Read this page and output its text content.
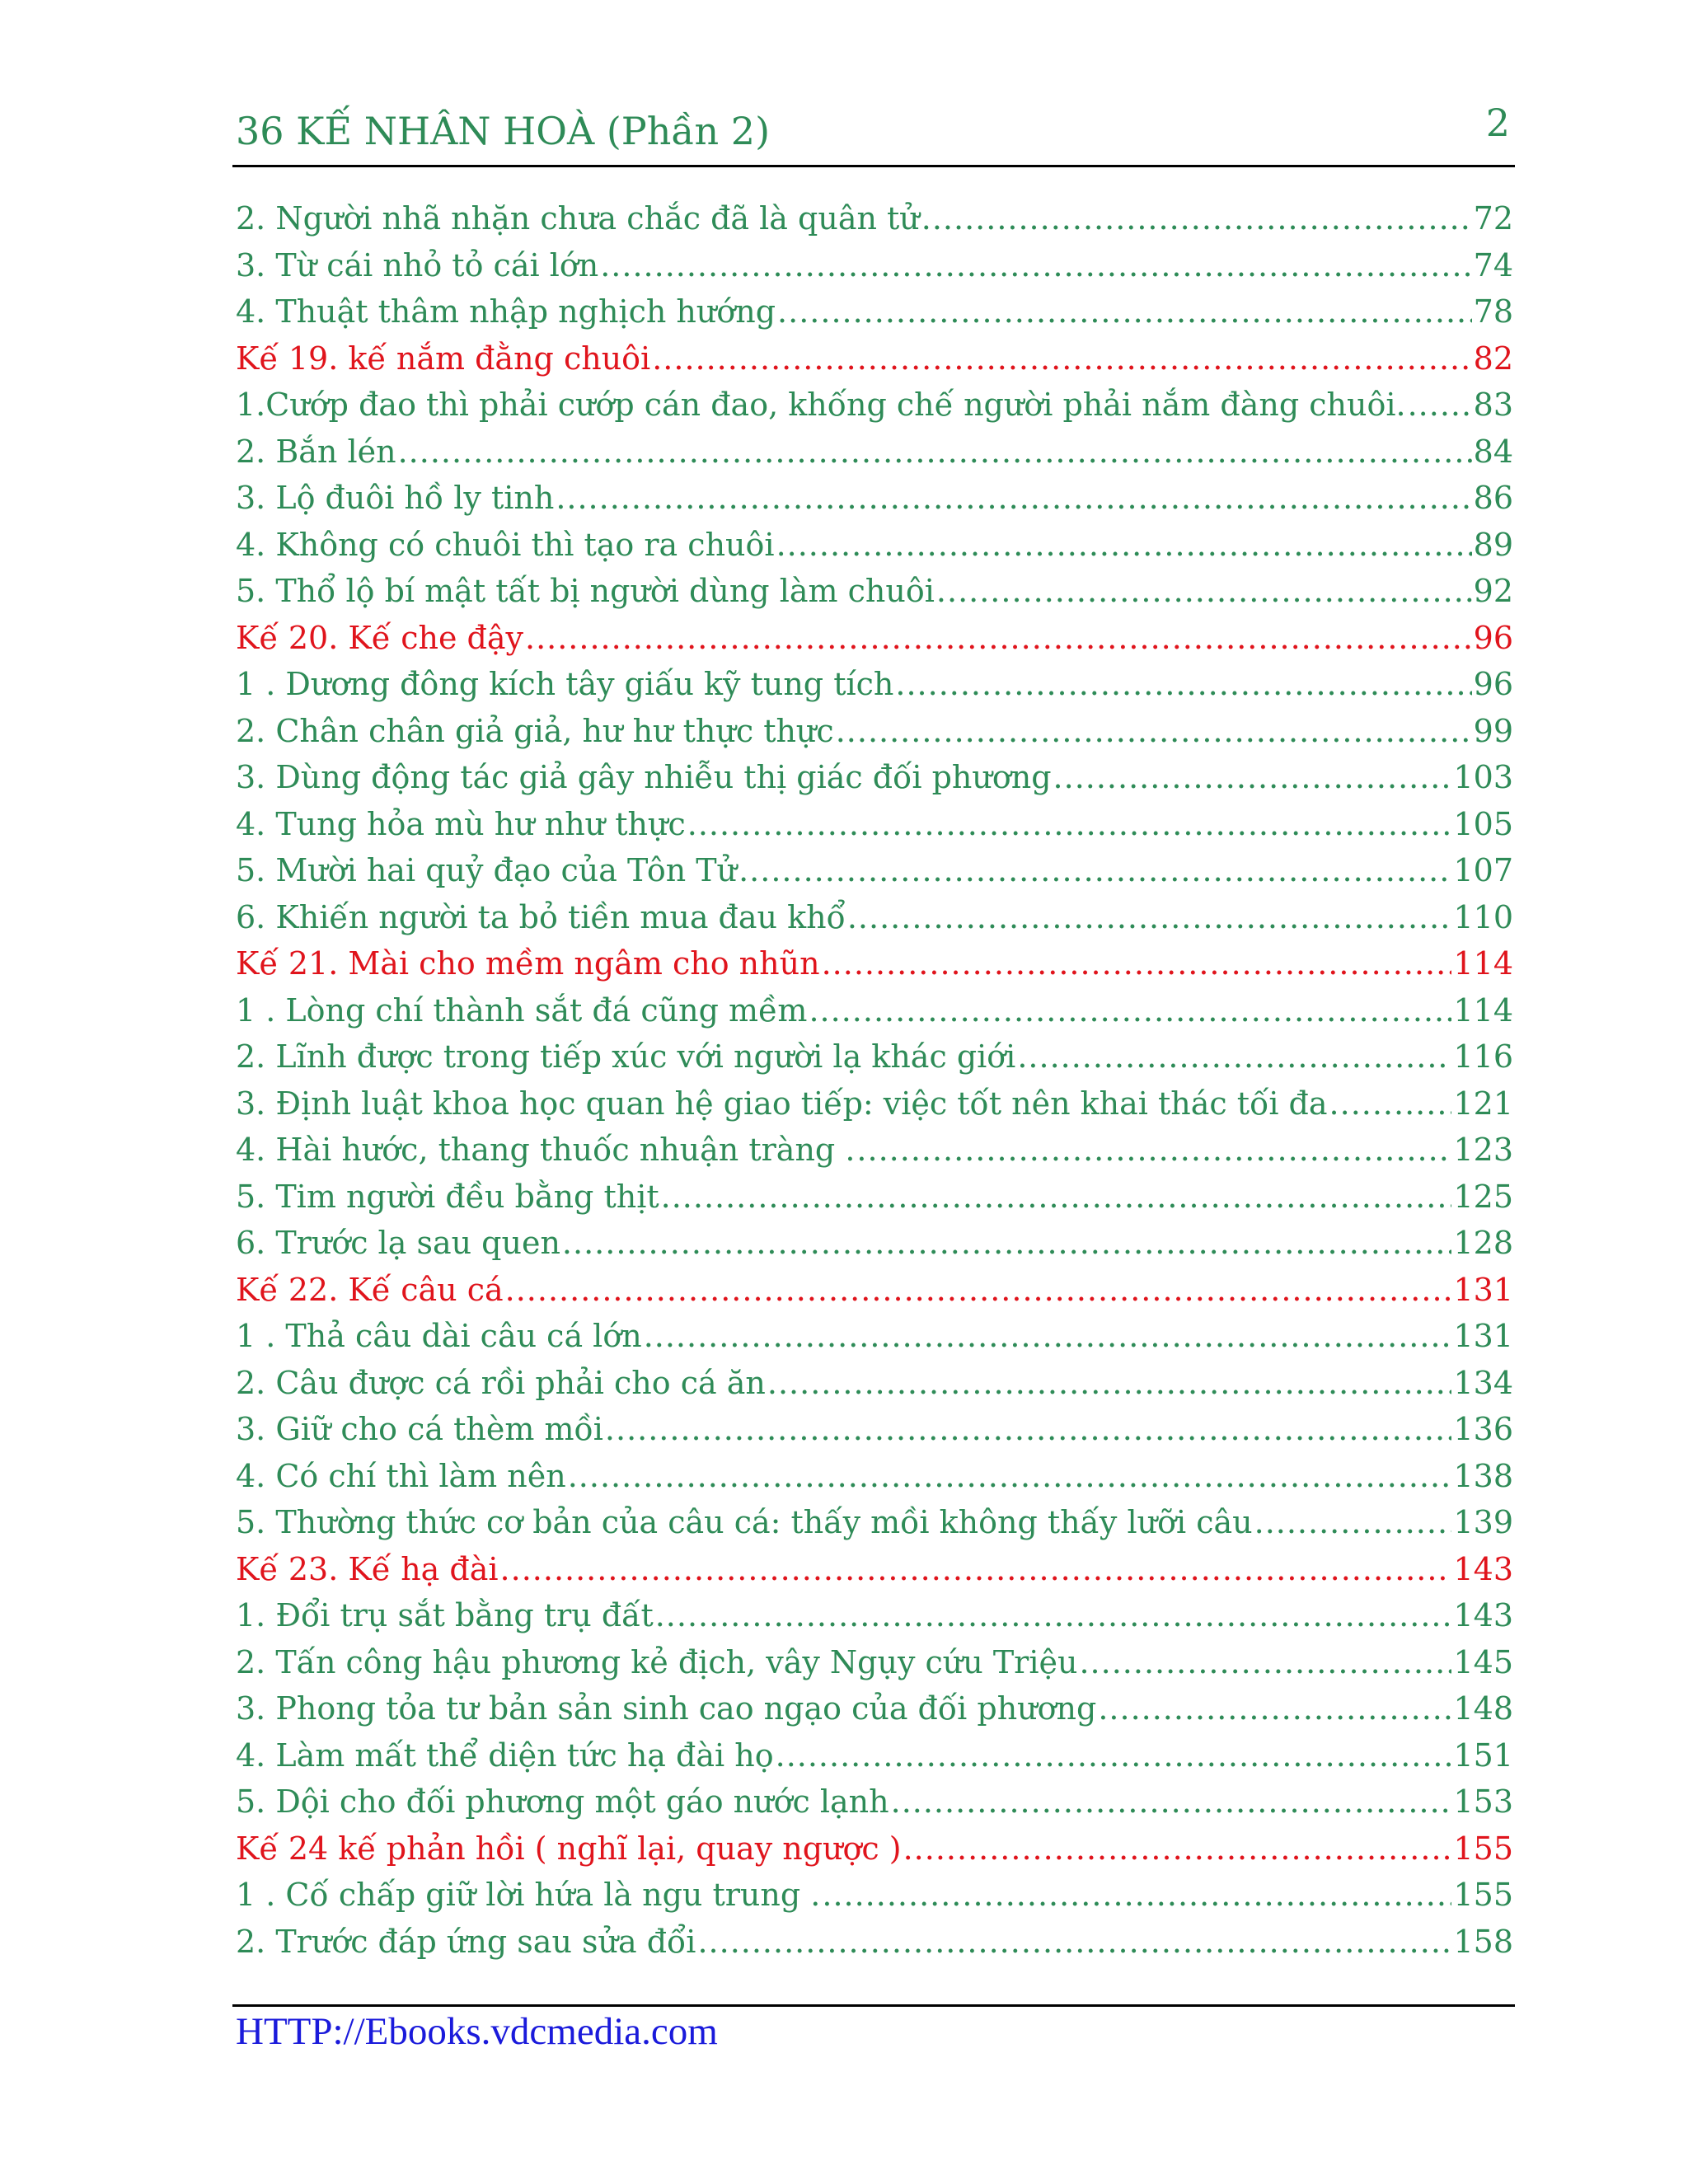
36 KẾ NHÂN HOÀ (Phần 2)	2
2. Người nhã nhặn chưa chắc đã là quân tử .....	72
3. Từ cái nhỏ tỏ cái lớn .....	74
4. Thuật thâm nhập nghịch hướng .....	78
Kế 19. kế nắm đằng chuôi .....	82
1.Cướp đao thì phải cướp cán đao, khống chế người phải nắm đàng chuôi. ..... 83
2. Bắn lén .....	84
3. Lộ đuôi hồ ly tinh .....	86
4. Không có chuôi thì tạo ra chuôi .....	89
5. Thổ lộ bí mật tất bị người dùng làm chuôi .....	92
Kế 20. Kế che đậy .....	96
1 . Dương đông kích tây giấu kỹ tung tích .....	96
2. Chân chân giả giả, hư hư thực thực .....	99
3. Dùng động tác giả gây nhiễu thị giác đối phương .....	103
4. Tung hỏa mù hư như thực .....	105
5. Mười hai quỷ đạo của Tôn Tử .....	107
6. Khiến người ta bỏ tiền mua đau khổ .....	110
Kế 21. Mài cho mềm ngâm cho nhũn .....	114
1 . Lòng chí thành sắt đá cũng mềm .....	114
2. Lĩnh được trong tiếp xúc với người lạ khác giới .....	116
3. Định luật khoa học quan hệ giao tiếp: việc tốt nên khai thác tối đa .....	121
4. Hài hước, thang thuốc nhuận tràng . .....	123
5. Tim người đều bằng thịt .....	125
6. Trước lạ sau quen .....	128
Kế 22. Kế câu cá .....	131
1 . Thả câu dài câu cá lớn .....	131
2. Câu được cá rồi phải cho cá ăn .....	134
3. Giữ cho cá thèm mồi .....	136
4. Có chí thì làm nên .....	138
5. Thường thức cơ bản của câu cá: thấy mồi không thấy lưỡi câu .....	139
Kế 23. Kế hạ đài .....	143
1. Đổi trụ sắt bằng trụ đất .....	143
2. Tấn công hậu phương kẻ địch, vây Ngụy cứu Triệu .....	145
3. Phong tỏa tư bản sản sinh cao ngạo của đối phương .....	148
4. Làm mất thể diện tức hạ đài họ .....	151
5. Dội cho đối phương một gáo nước lạnh .....	153
Kế 24 kế phản hồi ( nghĩ lại, quay ngược ) .....	155
1 . Cố chấp giữ lời hứa là ngu trung . .....	155
2. Trước đáp ứng sau sửa đổi .....	158
HTTP://Ebooks.vdcmedia.com
